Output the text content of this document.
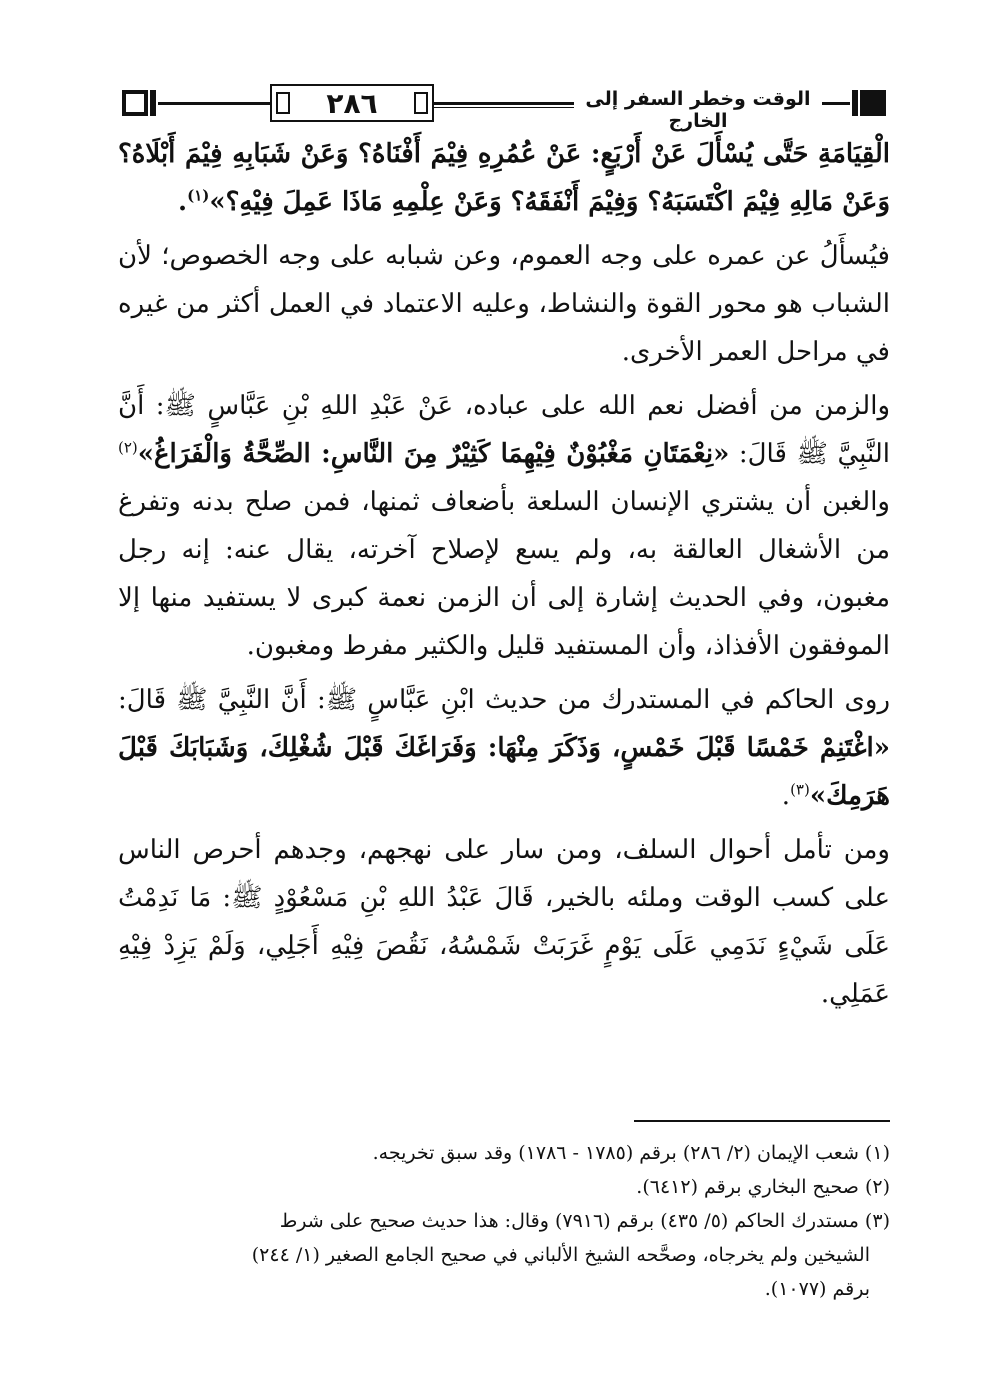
٢٨٦	الوقت وخطر السفر إلى الخارج

الْقِيَامَةِ حَتَّى يُسْأَلَ عَنْ أَرْبَعٍ: عَنْ عُمُرِهِ فِيْمَ أَفْنَاهُ؟ وَعَنْ شَبَابِهِ فِيْمَ أَبْلَاهُ؟ وَعَنْ مَالِهِ فِيْمَ اكْتَسَبَهُ؟ وَفِيْمَ أَنْفَقَهُ؟ وَعَنْ عِلْمِهِ مَاذَا عَمِلَ فِيْهِ؟»$^{(١)}$.

فيُسأَلُ عن عمره على وجه العموم، وعن شبابه على وجه الخصوص؛ لأن الشباب هو محور القوة والنشاط، وعليه الاعتماد في العمل أكثر من غيره في مراحل العمر الأخرى.

والزمن من أفضل نعم الله على عباده، عَنْ عَبْدِ اللهِ بْنِ عَبَّاسٍ ﷺ: أَنَّ النَّبِيَّ ﷺ قَالَ: «نِعْمَتَانِ مَغْبُوْنٌ فِيْهِمَا كَثِيْرٌ مِنَ النَّاسِ: الصِّحَّةُ وَالْفَرَاغُ»$^{(٢)}$ والغبن أن يشتري الإنسان السلعة بأضعاف ثمنها، فمن صلح بدنه وتفرغ من الأشغال العالقة به، ولم يسع لإصلاح آخرته، يقال عنه: إنه رجل مغبون، وفي الحديث إشارة إلى أن الزمن نعمة كبرى لا يستفيد منها إلا الموفقون الأفذاذ، وأن المستفيد قليل والكثير مفرط ومغبون.

روى الحاكم في المستدرك من حديث ابْنِ عَبَّاسٍ ﷺ: أَنَّ النَّبِيَّ ﷺ قَالَ: «اغْتَنِمْ خَمْسًا قَبْلَ خَمْسٍ، وَذَكَرَ مِنْهَا: وَفَرَاغَكَ قَبْلَ شُغْلِكَ، وَشَبَابَكَ قَبْلَ هَرَمِكَ»$^{(٣)}$.

ومن تأمل أحوال السلف، ومن سار على نهجهم، وجدهم أحرص الناس على كسب الوقت وملئه بالخير، قَالَ عَبْدُ اللهِ بْنِ مَسْعُوْدٍ ﷺ: مَا نَدِمْتُ عَلَى شَيْءٍ نَدَمِي عَلَى يَوْمٍ غَرَبَتْ شَمْسُهُ، نَقُصَ فِيْهِ أَجَلِي، وَلَمْ يَزِدْ فِيْهِ عَمَلِي.

(١) شعب الإيمان (٢/ ٢٨٦) برقم (١٧٨٥ - ١٧٨٦) وقد سبق تخريجه.

(٢) صحيح البخاري برقم (٦٤١٢).

(٣) مستدرك الحاكم (٥/ ٤٣٥) برقم (٧٩١٦) وقال: هذا حديث صحيح على شرط

الشيخين ولم يخرجاه، وصحَّحه الشيخ الألباني في صحيح الجامع الصغير (١/ ٢٤٤)

برقم (١٠٧٧).
